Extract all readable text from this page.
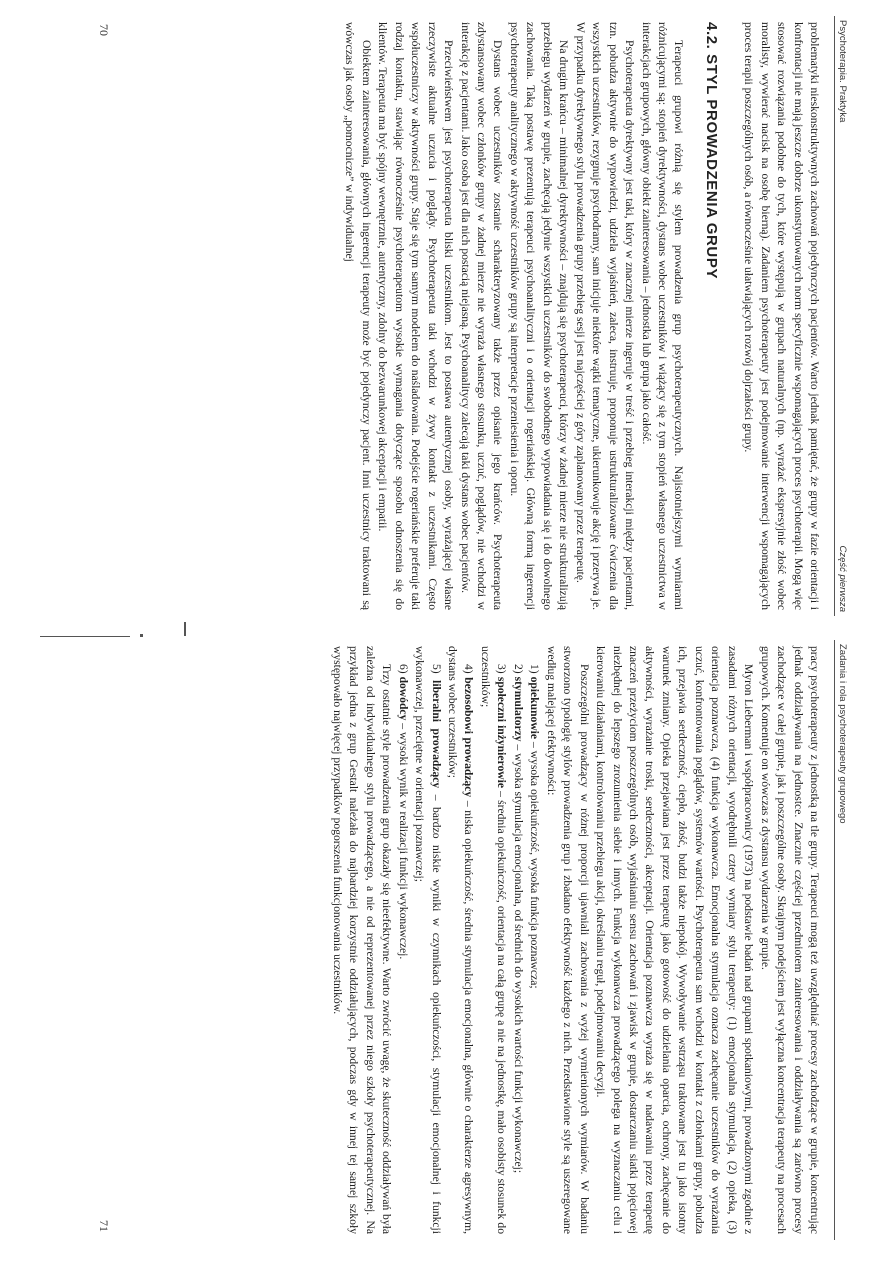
Psychoterapia. Praktyka
Część pierwsza

problematyki nieskonstruktywnych zachowań pojedynczych pacjentów. Warto jednak pamiętać, że grupy w fazie orientacji i konfrontacji nie mają jeszcze dobrze ukonstytuowanych norm specyficznie wspomagających proces psychoterapii. Mogą więc stosować rozwiązania podobne do tych, które występują w grupach naturalnych (np. wyrażać ekspresyjnie złość wobec moralisty, wywierać nacisk na osobę bierną). Zadaniem psychoterapeuty jest podejmowanie interwencji wspomagających proces terapii poszczególnych osób, a równocześnie ułatwiających rozwój dojrzałości grupy.

4.2. STYL PROWADZENIA GRUPY

Terapeuci grupowi różnią się stylem prowadzenia grup psychoterapeutycznych. Najistotniejszymi wymiarami różnicującymi są: stopień dyrektywności, dystans wobec uczestników i wiążący się z tym stopień własnego uczestnictwa w interakcjach grupowych, główny obiekt zainteresowania – jednostka lub grupa jako całość.

Psychoterapeuta dyrektywny jest taki, który w znacznej mierze ingeruje w treść i przebieg interakcji między pacjentami, tzn. pobudza aktywnie do wypowiedzi, udziela wyjaśnień, zaleca, instruuje, proponuje ustrukturalizowane ćwiczenia dla wszystkich uczestników, rezygnuje psychodramy, sam inicjuje niektóre wątki tematyczne, ukierunkowuje akcję i przerywa je. W przypadku dyrektywnego stylu prowadzenia grupy przebieg sesji jest najczęściej z góry zaplanowany przez terapeutę.

Na drugim krańcu – minimalnej dyrektywności – znajdują się psychoterapeuci, którzy w żadnej mierze nie strukturalizują przebiegu wydarzeń w grupie, zachęcają jedynie wszystkich uczestników do swobodnego wypowiadania się i do dowolnego zachowania. Taką postawę prezentują terapeuci psychoanalityczni i o orientacji rogeriańskiej. Główną formą ingerencji psychoterapeuty analitycznego w aktywność uczestników grupy są interpretacje przeniesienia i oporu.

Dystans wobec uczestników zostanie scharakteryzowany także przez opisanie jego krańców. Psychoterapeuta zdystansowany wobec członków grupy w żadnej mierze nie wyraża własnego stosunku, uczuć, poglądów, nie wchodzi w interakcję z pacjentami. Jako osoba jest dla nich postacią niejasną. Psychoanalitycy zalecają taki dystans wobec pacjentów.

Przeciwieństwem jest psychoterapeuta bliski uczestnikom. Jest to postawa autentycznej osoby, wyrażającej własne rzeczywiste aktualne uczucia i poglądy. Psychoterapeuta taki wchodzi w żywy kontakt z uczestnikami. Często współuczestniczy w aktywności grupy. Staje się tym samym modelem do naśladowania. Podejście rogeriańskie preferuje taki rodzaj kontaktu, stawiając równocześnie psychoterapeutom wysokie wymagania dotyczące sposobu odnoszenia się do klientów. Terapeuta ma być spójny wewnętrznie, autentyczny, zdolny do bezwarunkowej akceptacji i empatii.

Obiektem zainteresowania, głównych ingerencji terapeuty może być pojedynczy pacjent. Inni uczestnicy traktowani są wówczas jak osoby „pomocnicze” w indywidualnej

70
Zadania i rola psychoterapeuty grupowego

pracy psychoterapeuty z jednostką na tle grupy. Terapeuci mogą też uwzględniać procesy zachodzące w grupie, koncentrując jednak oddziaływania na jednostce. Znacznie częściej przedmiotem zainteresowania i oddziaływania są zarówno procesy zachodzące w całej grupie, jak i poszczególne osoby. Skrajnym podejściem jest wyłączna koncentracja terapeuty na procesach grupowych. Komentuje on wówczas z dystansu wydarzenia w grupie.

Myron Lieberman i współpracownicy (1973) na podstawie badań nad grupami spotkaniowymi, prowadzonymi zgodnie z zasadami różnych orientacji, wyodrębnili cztery wymiary stylu terapeuty: (1) emocjonalna stymulacja, (2) opieka, (3) orientacja poznawcza, (4) funkcja wykonawcza. Emocjonalna stymulacja oznacza zachęcanie uczestników do wyrażania uczuć, konfrontowania poglądów, systemów wartości. Psychoterapeuta sam wchodzi w kontakt z członkami grupy, pobudza ich, przejawia serdeczność, ciepło, złość, budzi także niepokój. Wywoływanie wstrząsu traktowane jest tu jako istotny warunek zmiany. Opieka przejawiana jest przez terapeutę jako gotowość do udzielania oparcia, ochrony, zachęcanie do aktywności, wyrażanie troski, serdeczności, akceptacji. Orientacja poznawcza wyraża się w nadawaniu przez terapeutę znaczeń przeżyciom poszczególnych osób, wyjaśnianiu sensu zachowań i zjawisk w grupie, dostarczaniu siatki pojęciowej niezbędnej do lepszego zrozumienia siebie i innych. Funkcja wykonawcza prowadzącego polega na wyznaczaniu celu i kierowaniu działaniami, kontrolowaniu przebiegu akcji, określaniu reguł, podejmowaniu decyzji.

Poszczególni prowadzący w różnej proporcji ujawniali zachowania z wyżej wymienionych wymiarów. W badaniu stworzono typologię stylów prowadzenia grup i zbadano efektywność każdego z nich. Przedstawione style są uszeregowane według malejącej efektywności:

1) opiekunowie – wysoka opiekuńczość, wysoka funkcja poznawcza;

2) stymulatorzy – wysoka stymulacja emocjonalna, od średnich do wysokich wartości funkcji wykonawczej;

3) społeczni inżynierowie – średnia opiekuńczość, orientacja na całą grupę a nie na jednostkę, mało osobisty stosunek do uczestników;

4) bezosobowi prowadzący – niska opiekuńczość, średnia stymulacja emocjonalna, głównie o charakterze agresywnym, dystans wobec uczestników;

5) liberalni prowadzący – bardzo niskie wyniki w czynnikach opiekuńczości, stymulacji emocjonalnej i funkcji wykonawczej, przeciętne w orientacji poznawczej;

6) dowódcy – wysoki wynik w realizacji funkcji wykonawczej.

Trzy ostatnie style prowadzenia grup okazały się nieefektywne. Warto zwrócić uwagę, że skuteczność oddziaływań była zależna od indywidualnego stylu prowadzącego, a nie od reprezentowanej przez niego szkoły psychoterapeutycznej. Na przykład jedna z grup Gestalt należała do najbardziej korzystnie oddziałujących, podczas gdy w innej tej samej szkoły występowało najwięcej przypadków pogorszenia funkcjonowania uczestników.

71
